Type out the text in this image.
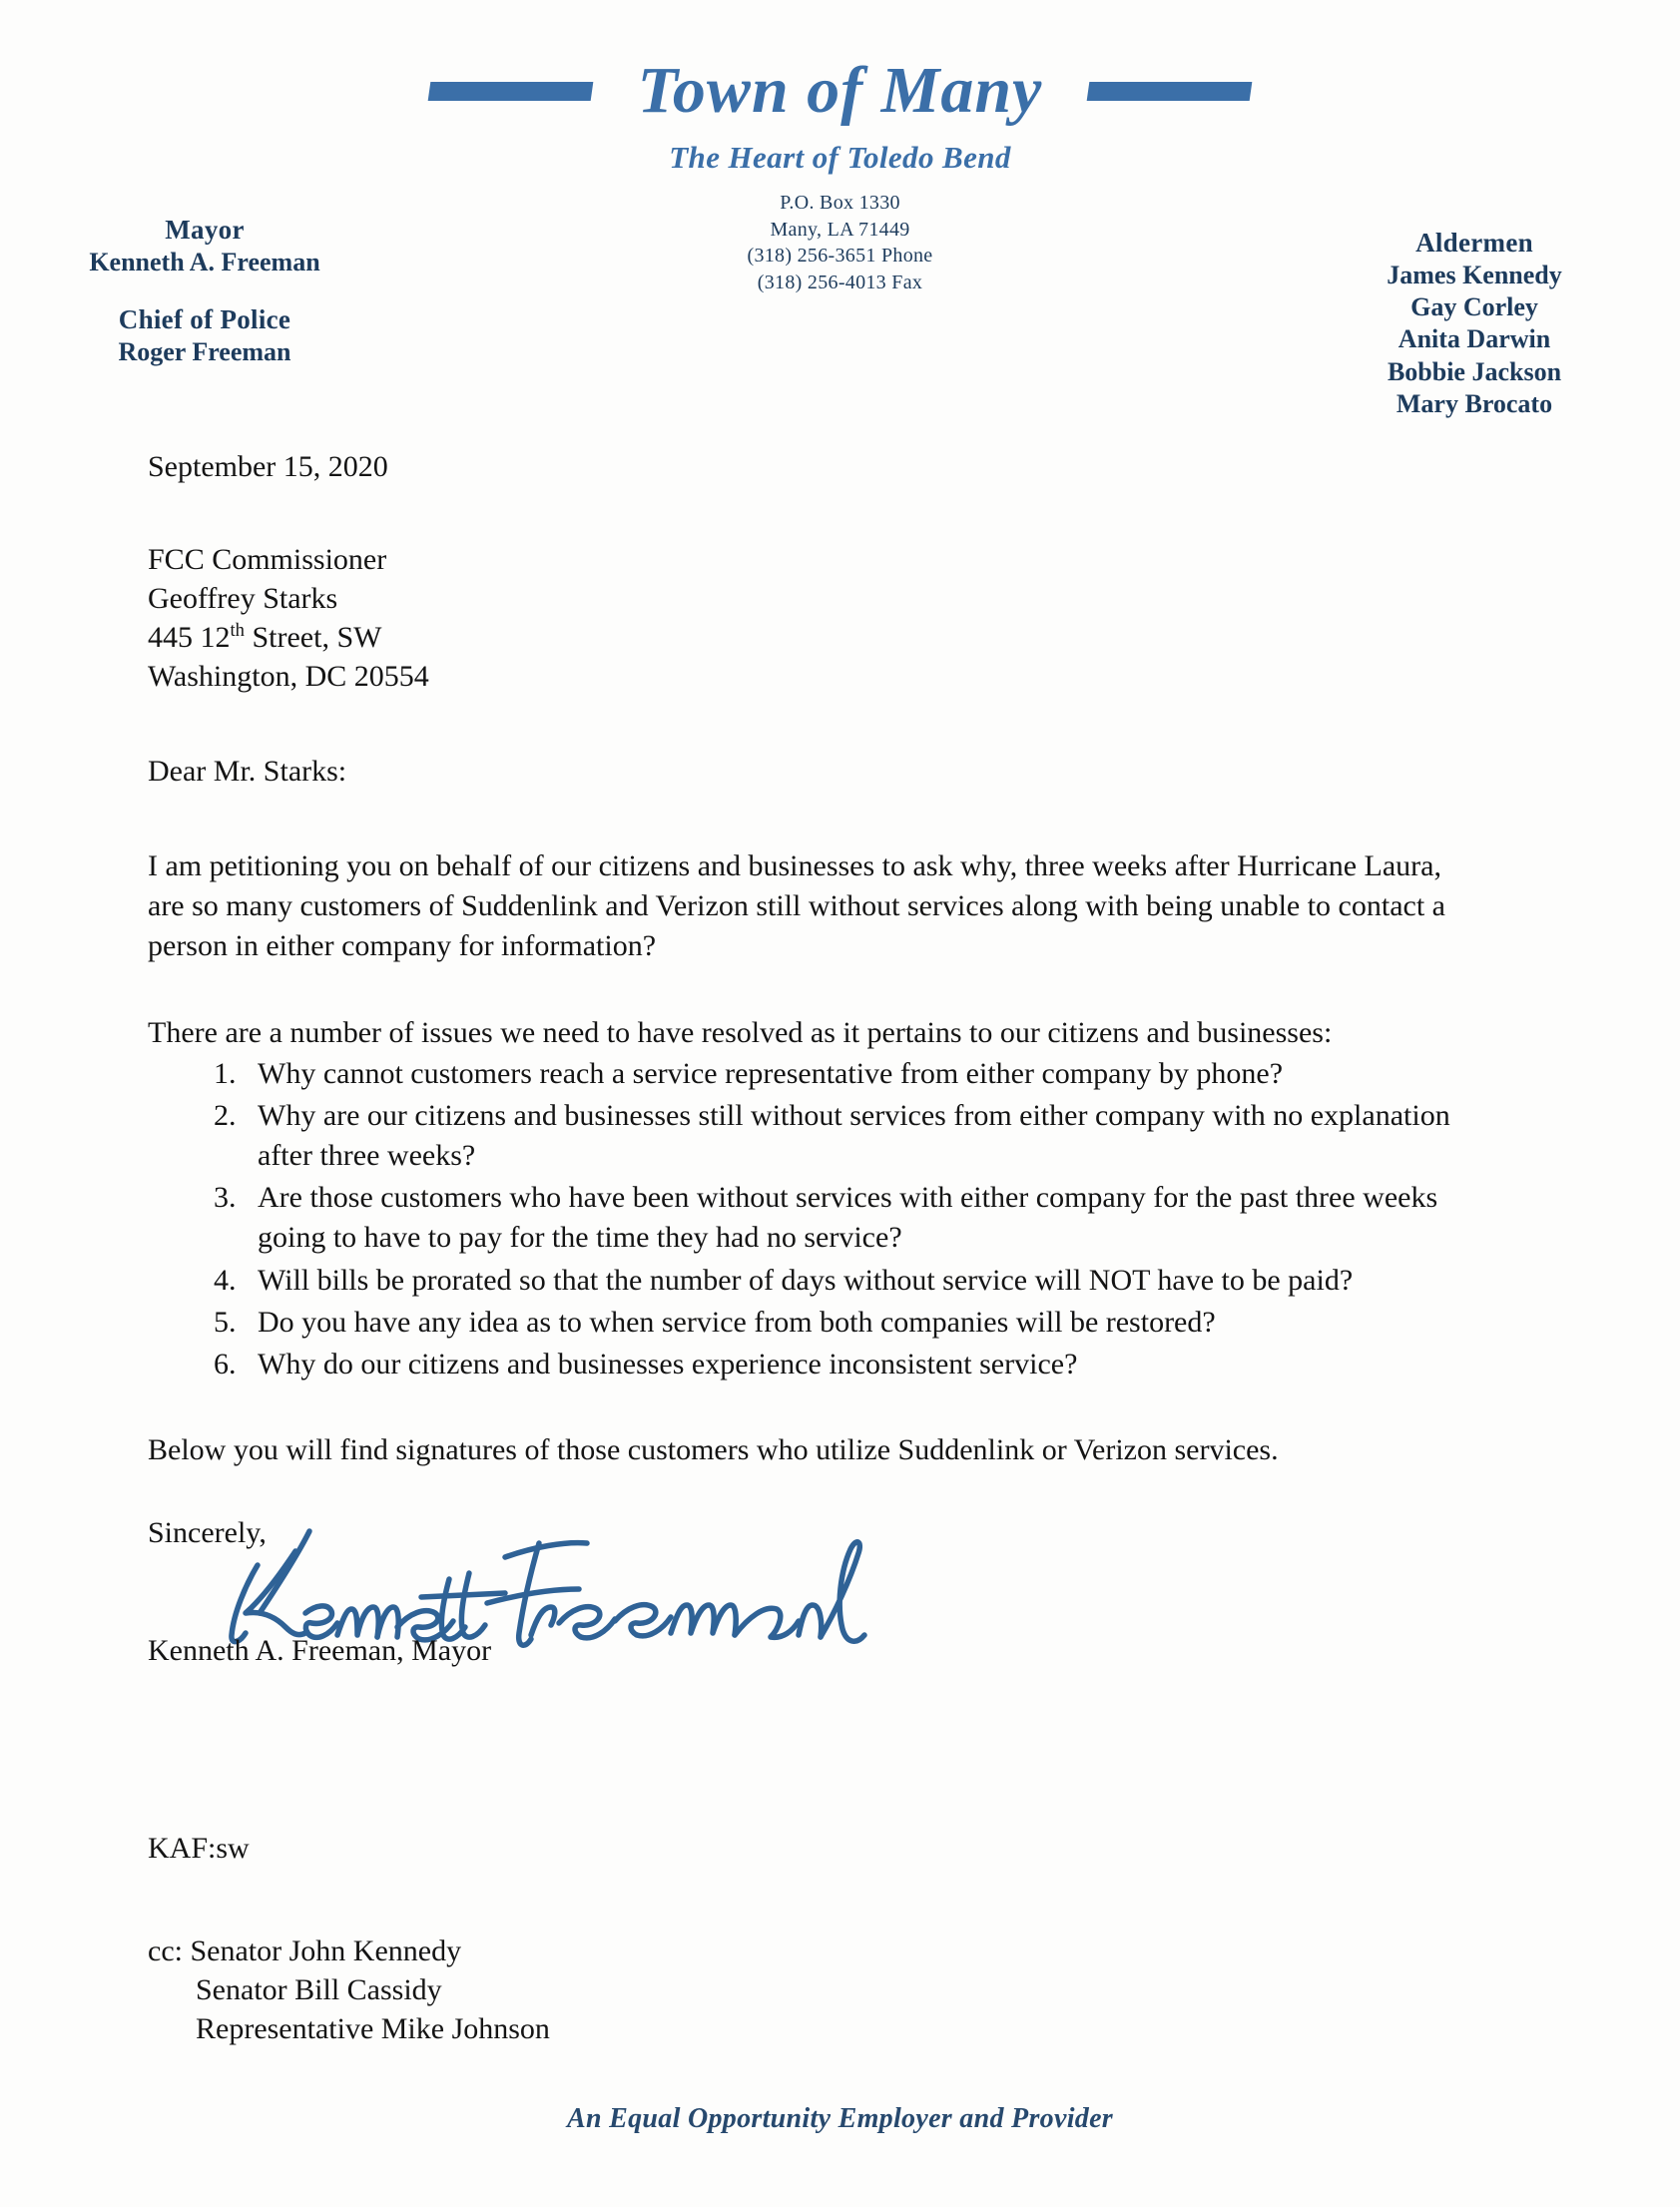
Town of Many
The Heart of Toledo Bend
P.O. Box 1330
Many, LA 71449
(318) 256-3651 Phone
(318) 256-4013 Fax
Mayor
Kenneth A. Freeman
Chief of Police
Roger Freeman
Aldermen
James Kennedy
Gay Corley
Anita Darwin
Bobbie Jackson
Mary Brocato
September 15, 2020
FCC Commissioner
Geoffrey Starks
445 12th Street, SW
Washington, DC 20554
Dear Mr. Starks:
I am petitioning you on behalf of our citizens and businesses to ask why, three weeks after Hurricane Laura, are so many customers of Suddenlink and Verizon still without services along with being unable to contact a person in either company for information?
There are a number of issues we need to have resolved as it pertains to our citizens and businesses:
1. Why cannot customers reach a service representative from either company by phone?
2. Why are our citizens and businesses still without services from either company with no explanation after three weeks?
3. Are those customers who have been without services with either company for the past three weeks going to have to pay for the time they had no service?
4. Will bills be prorated so that the number of days without service will NOT have to be paid?
5. Do you have any idea as to when service from both companies will be restored?
6. Why do our citizens and businesses experience inconsistent service?
Below you will find signatures of those customers who utilize Suddenlink or Verizon services.
Sincerely,
Kenneth A. Freeman, Mayor
KAF:sw
cc: Senator John Kennedy
Senator Bill Cassidy
Representative Mike Johnson
An Equal Opportunity Employer and Provider
